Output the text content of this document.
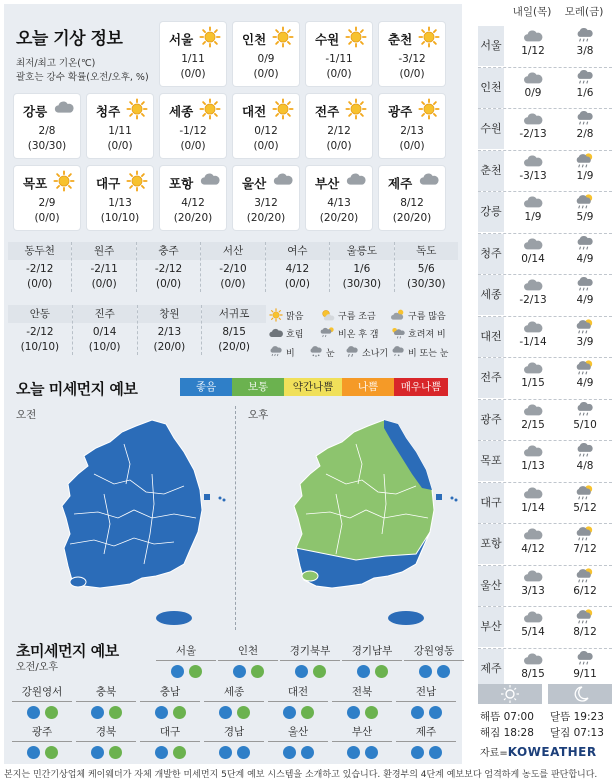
오늘 기상 정보
최저/최고 기온(℃)
괄호는 강수 확률(오전/오후, %)
서울
1/11
(0/0)
인천
0/9
(0/0)
수원
-1/11
(0/0)
춘천
-3/12
(0/0)
강릉
2/8
(30/30)
청주
1/11
(0/0)
세종
-1/12
(0/0)
대전
0/12
(0/0)
전주
2/12
(0/0)
광주
2/13
(0/0)
목포
2/9
(0/0)
대구
1/13
(10/10)
포항
4/12
(20/20)
울산
3/12
(20/20)
부산
4/13
(20/20)
제주
8/12
(20/20)
동두천
-2/12
(0/0)
원주
-2/11
(0/0)
충주
-2/12
(0/0)
서산
-2/10
(0/0)
여수
4/12
(0/0)
울릉도
1/6
(30/30)
독도
5/6
(30/30)
안동
-2/12
(10/10)
진주
0/14
(10/0)
창원
2/13
(20/0)
서귀포
8/15
(20/0)
맑음	구름 조금	구름 많음
흐림	비온 후 갬	흐려져 비
비	눈	소나기 비 또는 눈
오늘 미세먼지 예보	좋음	보통	약간나쁨	나쁨	매우나쁨
오전	오후
초미세먼지 예보
오전/오후
서울	인천	경기북부	경기남부	강원영동
강원영서	충북	충남	세종	대전	전북	전남
광주	경북	대구	경남	울산	부산	제주
내일(목) 모레(금)
서울	1/12	3/8
인천	0/9	1/6
수원	-2/13	2/8
춘천	-3/13	1/9
강릉	1/9	5/9
청주	0/14	4/9
세종	-2/13	4/9
대전	-1/14	3/9
전주	1/15	4/9
광주	2/15	5/10
목포	1/13	4/8
대구	1/14	5/12
포항	4/12	7/12
울산	3/13	6/12
부산	5/14	8/12
제주	8/15	9/11
해뜸 07:00
해짐 18:28
달뜸 19:23
달짐 07:13
자료=KOWEATHER
본지는 민간기상업체 케이웨더가 자체 개발한 미세먼지 5단계 예보 시스템을 소개하고 있습니다. 환경부의 4단계 예보보다 엄격하게 농도를 판단합니다.
